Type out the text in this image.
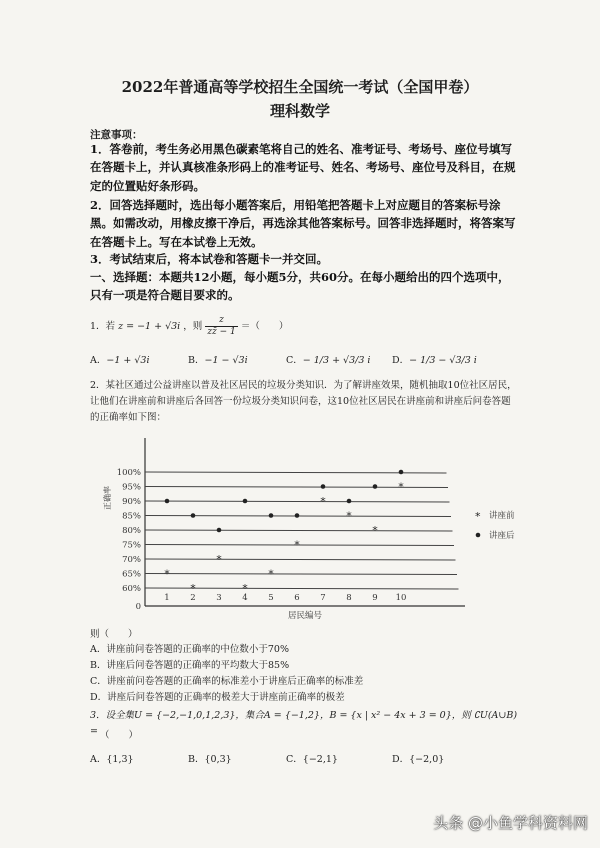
2022年普通高等学校招生全国统一考试（全国甲卷）
理科数学
注意事项：
1．答卷前，考生务必用黑色碳素笔将自己的姓名、准考证号、考场号、座位号填写在答题卡上，并认真核准条形码上的准考证号、姓名、考场号、座位号及科目，在规定的位置贴好条形码。
2．回答选择题时，选出每小题答案后，用铅笔把答题卡上对应题目的答案标号涂黑。如需改动，用橡皮擦干净后，再选涂其他答案标号。回答非选择题时，将答案写在答题卡上。写在本试卷上无效。
3．考试结束后，将本试卷和答题卡一并交回。
一、选择题：本题共12小题，每小题5分，共60分。在每小题给出的四个选项中，只有一项是符合题目要求的。
1．若 z = −1 + √3i ，则 $\frac{z}{zz̄ - 1}$ ＝（　　）
A．−1 + √3i	B．−1 − √3i	C．− 1/3 + √3/3 i D．− 1/3 − √3/3 i
2．某社区通过公益讲座以普及社区居民的垃圾分类知识．为了解讲座效果，随机抽取10位社区居民，让他们在讲座前和讲座后各回答一份垃圾分类知识问卷，这10位社区居民在讲座前和讲座后问卷答题的正确率如下图：
0
60%
65%
70%
75%
80%
85%
90%
95%
100%
1 2 3 4 5 6 7 8 9 10
居民编号
正确率
*
*
*
*
*
*
*
*
*
*
* 讲座前
讲座后
则（　　）
A．讲座前问卷答题的正确率的中位数小于70%
B．讲座后问卷答题的正确率的平均数大于85%
C．讲座前问卷答题的正确率的标准差小于讲座后正确率的标准差
D．讲座后问卷答题的正确率的极差大于讲座前正确率的极差
3．设全集U = {−2,−1,0,1,2,3}，集合A = {−1,2}，B = {x | x² − 4x + 3 = 0}，则 ∁U(A∪B) = （　　）
A．{1,3}	B．{0,3}	C．{−2,1}	D．{−2,0}
头条 @小鱼学科资料网
